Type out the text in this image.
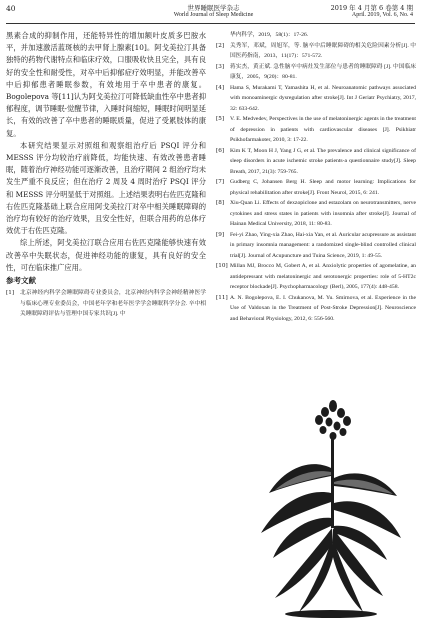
40	世界睡眠医学杂志
World Journal of Sleep Medicine
2019 年 4 月第 6 卷第 4 期
April. 2019, Vol. 6, No. 4

黑素合成的抑制作用，还能特异性的增加额叶皮质多巴胺水平，并加速激活蓝斑核的去甲肾上腺素[10]。阿戈美拉汀具备独特的药物代谢特点和临床疗效，口服吸收快且完全，具有良好的安全性和耐受性，对卒中后抑郁症疗效明显，并能改善卒中后抑郁患者睡眠参数，有效地用于卒中患者的康复。Bogolepova 等[11]认为阿戈美拉汀可降低缺血性卒中患者抑郁程度，调节睡眠-觉醒节律，入睡时间缩短，睡眠时间明显延长，有效的改善了卒中患者的睡眠质量，促进了受累肢体的康复。

本研究结果显示对照组和观察组治疗后 PSQI 评分和 MESSS 评分均较治疗前降低，均能快速、有效改善患者睡眠，随着治疗神经功能可逐渐改善，且治疗期间 2 组治疗均未发生严重不良反应；但在治疗 2 周及 4 周时治疗 PSQI 评分和 MESSS 评分明显低于对照组。上述结果表明右佐匹克隆和右佐匹克隆基础上联合应用阿戈美拉汀对卒中相关睡眠障碍的治疗均有较好的治疗效果，且安全性好，但联合用药的总体疗效优于右佐匹克隆。

综上所述，阿戈美拉汀联合应用右佐匹克隆能够快速有效改善卒中失眠状态，促进神经功能的康复，具有良好的安全性，可在临床推广应用。

参考文献
[1]	北京神经内科学会睡眠障碍专业委员会，北京神经内科学会神经精神医学与临床心理专业委员会，中国老年学和老年医学学会睡眠科学分会. 卒中相关睡眠障碍评估与管理中国专家共识[J]. 中
华内科学，2019，58(1)：17-26.
[2]	关秀军，邓斌，周旭军，等. 脑卒中后睡眠障碍的相关危险因素分析[J]. 中国医药指南，2013，11(17)：571-572.
[3]	蒋实杰，黄正斌. 急性脑卒中病灶发生部位与患者的睡眠障碍 [J]. 中国临床康复，2005，9(20)：80-81.
[4]	Hama S, Murakami T, Yamashita H, et al. Neuroanatomic pathways associated with monoaminergic dysregulation after stroke[J]. Int J Geriatr Psychiatry, 2017, 32: 633-642.
[5]	V. E. Medvedev, Perspectives in the use of melatoninergic agents in the treatment of depression in patients with cardiovascular diseases [J]. Psikhiatr Psikhofarmakoter, 2010, 3: 17-22.
[6]	Kim K T, Moon H J, Yang J G, et al. The prevalence and clinical significance of sleep disorders in acute ischemic stroke patients-a questionnaire study[J]. Sleep Breath, 2017, 21(3): 759-765.
[7]	Gudberg C, Johansen Berg H. Sleep and motor learning: Implications for physical rehabilitation after stroke[J]. Front Neurol, 2015, 6: 241.
[8]	Xiu-Quan Li. Effects of dexzopiclone and estazolam on neurotransmitters, nerve cytokines and stress states in patients with insomnia after stroke[J]. Journal of Hainan Medical University, 2018, 11: 80-83.
[9]	Fei-yi Zhao, Ying-xia Zhao, Hai-xia Yan, et al. Auricular acupressure as assistant in primary insomnia management: a randomized single-blind controlled clinical trial[J]. Journal of Acupuncture and Tuina Science, 2019, 1: 49-55.
[10] Millan MJ, Brocco M, Gobert A, et al. Anxiolytic properties of agomelatine, an antidepressant with melatoninergic and serotonergic properties: role of 5-HT2c receptor blockade[J]. Psychopharmacology (Berl), 2005, 177(4): 448-458.
[11] A. N. Bogolepova, E. I. Chukanova, M. Yu. Smirnova, et al. Experience in the Use of Valdoxan in the Treatment of Post-Stroke Depression[J]. Neuroscience and Behavioral Physiology, 2012, 6: 556-560.
